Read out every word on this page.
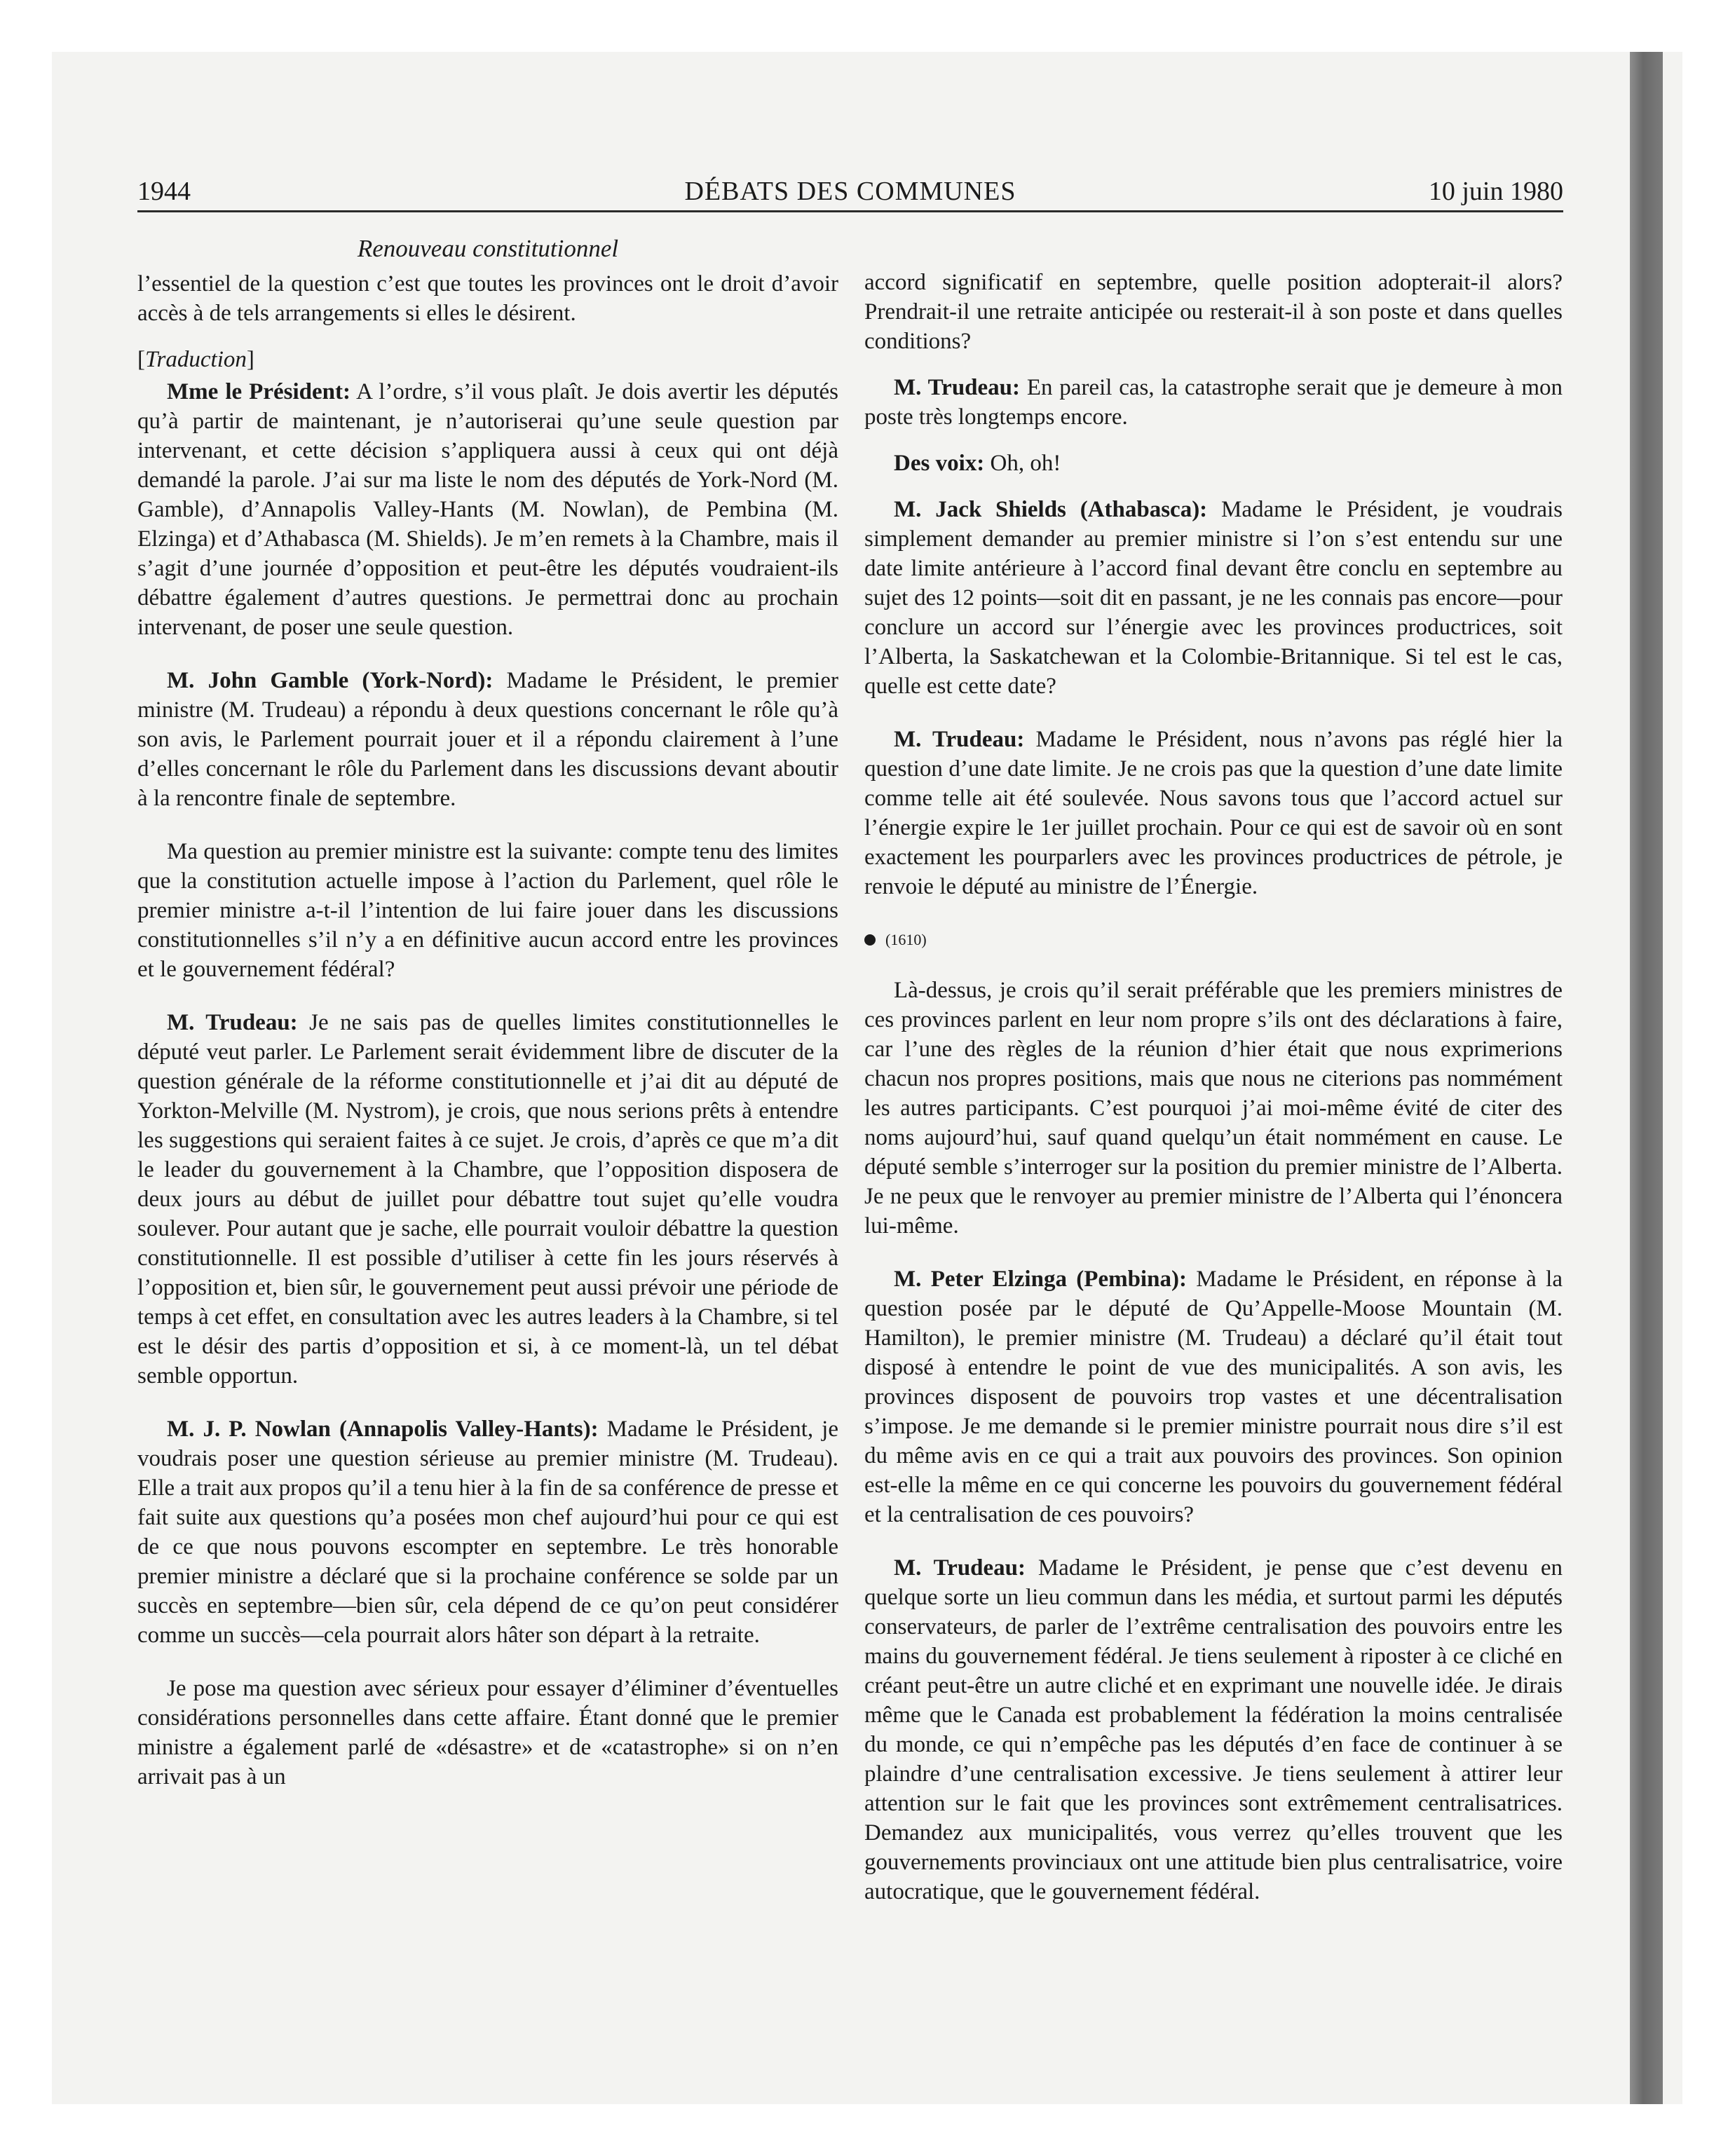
1944	DÉBATS DES COMMUNES	10 juin 1980
Renouveau constitutionnel

l’essentiel de la question c’est que toutes les provinces ont le droit d’avoir accès à de tels arrangements si elles le désirent.

[Traduction]

Mme le Président: A l’ordre, s’il vous plaît. Je dois avertir les députés qu’à partir de maintenant, je n’autoriserai qu’une seule question par intervenant, et cette décision s’appliquera aussi à ceux qui ont déjà demandé la parole. J’ai sur ma liste le nom des députés de York-Nord (M. Gamble), d’Annapolis Valley-Hants (M. Nowlan), de Pembina (M. Elzinga) et d’Athabasca (M. Shields). Je m’en remets à la Chambre, mais il s’agit d’une journée d’opposition et peut-être les députés voudraient-ils débattre également d’autres questions. Je permettrai donc au prochain intervenant, de poser une seule question.

M. John Gamble (York-Nord): Madame le Président, le premier ministre (M. Trudeau) a répondu à deux questions concernant le rôle qu’à son avis, le Parlement pourrait jouer et il a répondu clairement à l’une d’elles concernant le rôle du Parlement dans les discussions devant aboutir à la rencontre finale de septembre.

Ma question au premier ministre est la suivante: compte tenu des limites que la constitution actuelle impose à l’action du Parlement, quel rôle le premier ministre a-t-il l’intention de lui faire jouer dans les discussions constitutionnelles s’il n’y a en définitive aucun accord entre les provinces et le gouvernement fédéral?

M. Trudeau: Je ne sais pas de quelles limites constitutionnelles le député veut parler. Le Parlement serait évidemment libre de discuter de la question générale de la réforme constitutionnelle et j’ai dit au député de Yorkton-Melville (M. Nystrom), je crois, que nous serions prêts à entendre les suggestions qui seraient faites à ce sujet. Je crois, d’après ce que m’a dit le leader du gouvernement à la Chambre, que l’opposition disposera de deux jours au début de juillet pour débattre tout sujet qu’elle voudra soulever. Pour autant que je sache, elle pourrait vouloir débattre la question constitutionnelle. Il est possible d’utiliser à cette fin les jours réservés à l’opposition et, bien sûr, le gouvernement peut aussi prévoir une période de temps à cet effet, en consultation avec les autres leaders à la Chambre, si tel est le désir des partis d’opposition et si, à ce moment-là, un tel débat semble opportun.

M. J. P. Nowlan (Annapolis Valley-Hants): Madame le Président, je voudrais poser une question sérieuse au premier ministre (M. Trudeau). Elle a trait aux propos qu’il a tenu hier à la fin de sa conférence de presse et fait suite aux questions qu’a posées mon chef aujourd’hui pour ce qui est de ce que nous pouvons escompter en septembre. Le très honorable premier ministre a déclaré que si la prochaine conférence se solde par un succès en septembre—bien sûr, cela dépend de ce qu’on peut considérer comme un succès—cela pourrait alors hâter son départ à la retraite.

Je pose ma question avec sérieux pour essayer d’éliminer d’éventuelles considérations personnelles dans cette affaire. Étant donné que le premier ministre a également parlé de «désastre» et de «catastrophe» si on n’en arrivait pas à un

accord significatif en septembre, quelle position adopterait-il alors? Prendrait-il une retraite anticipée ou resterait-il à son poste et dans quelles conditions?

M. Trudeau: En pareil cas, la catastrophe serait que je demeure à mon poste très longtemps encore.

Des voix: Oh, oh!

M. Jack Shields (Athabasca): Madame le Président, je voudrais simplement demander au premier ministre si l’on s’est entendu sur une date limite antérieure à l’accord final devant être conclu en septembre au sujet des 12 points—soit dit en passant, je ne les connais pas encore—pour conclure un accord sur l’énergie avec les provinces productrices, soit l’Alberta, la Saskatchewan et la Colombie-Britannique. Si tel est le cas, quelle est cette date?

M. Trudeau: Madame le Président, nous n’avons pas réglé hier la question d’une date limite. Je ne crois pas que la question d’une date limite comme telle ait été soulevée. Nous savons tous que l’accord actuel sur l’énergie expire le 1er juillet prochain. Pour ce qui est de savoir où en sont exactement les pourparlers avec les provinces productrices de pétrole, je renvoie le député au ministre de l’Énergie.

(1610)

Là-dessus, je crois qu’il serait préférable que les premiers ministres de ces provinces parlent en leur nom propre s’ils ont des déclarations à faire, car l’une des règles de la réunion d’hier était que nous exprimerions chacun nos propres positions, mais que nous ne citerions pas nommément les autres participants. C’est pourquoi j’ai moi-même évité de citer des noms aujourd’hui, sauf quand quelqu’un était nommément en cause. Le député semble s’interroger sur la position du premier ministre de l’Alberta. Je ne peux que le renvoyer au premier ministre de l’Alberta qui l’énoncera lui-même.

M. Peter Elzinga (Pembina): Madame le Président, en réponse à la question posée par le député de Qu’Appelle-Moose Mountain (M. Hamilton), le premier ministre (M. Trudeau) a déclaré qu’il était tout disposé à entendre le point de vue des municipalités. A son avis, les provinces disposent de pouvoirs trop vastes et une décentralisation s’impose. Je me demande si le premier ministre pourrait nous dire s’il est du même avis en ce qui a trait aux pouvoirs des provinces. Son opinion est-elle la même en ce qui concerne les pouvoirs du gouvernement fédéral et la centralisation de ces pouvoirs?

M. Trudeau: Madame le Président, je pense que c’est devenu en quelque sorte un lieu commun dans les média, et surtout parmi les députés conservateurs, de parler de l’extrême centralisation des pouvoirs entre les mains du gouvernement fédéral. Je tiens seulement à riposter à ce cliché en créant peut-être un autre cliché et en exprimant une nouvelle idée. Je dirais même que le Canada est probablement la fédération la moins centralisée du monde, ce qui n’empêche pas les députés d’en face de continuer à se plaindre d’une centralisation excessive. Je tiens seulement à attirer leur attention sur le fait que les provinces sont extrêmement centralisatrices. Demandez aux municipalités, vous verrez qu’elles trouvent que les gouvernements provinciaux ont une attitude bien plus centralisatrice, voire autocratique, que le gouvernement fédéral.
